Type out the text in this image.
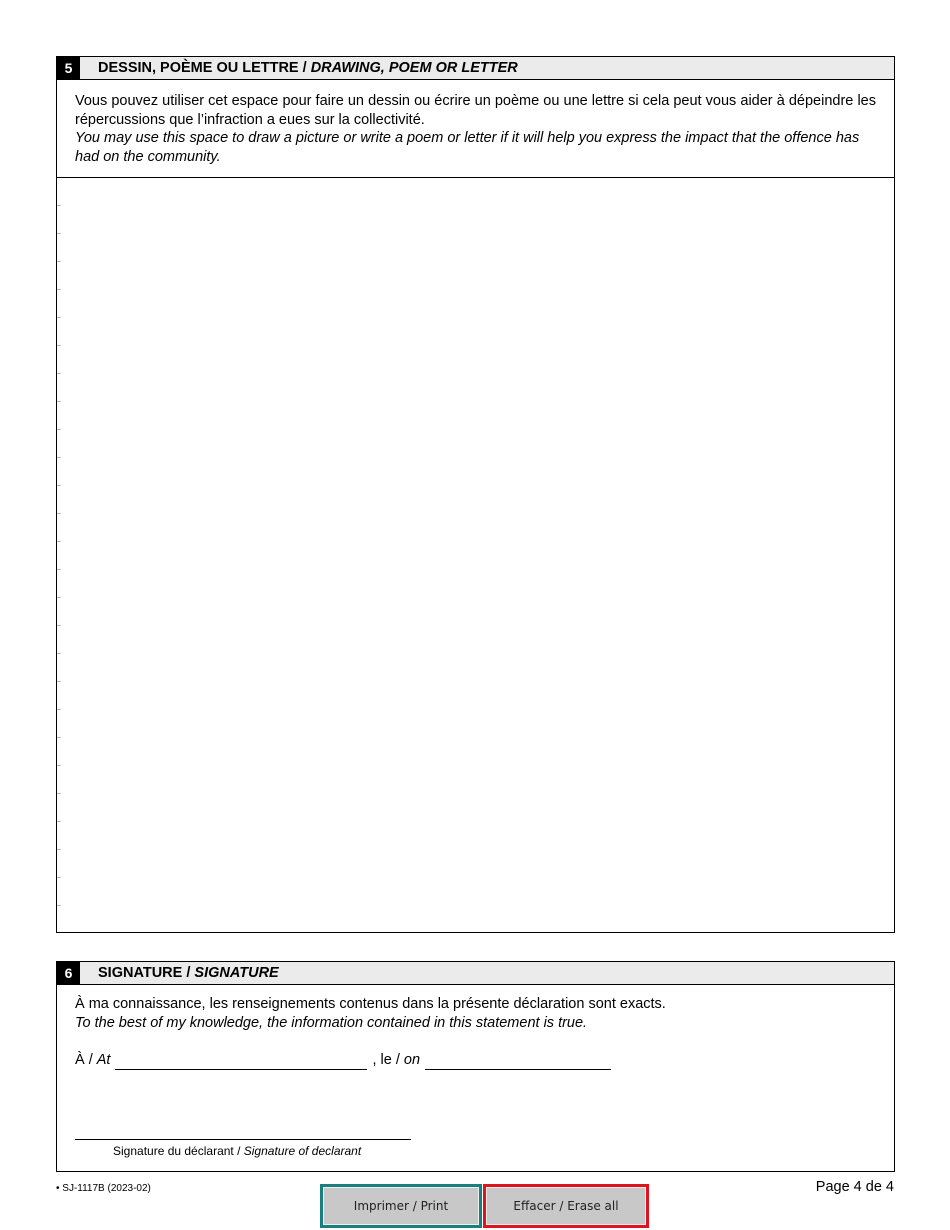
5	DESSIN, POÈME OU LETTRE / DRAWING, POEM OR LETTER
Vous pouvez utiliser cet espace pour faire un dessin ou écrire un poème ou une lettre si cela peut vous aider à dépeindre les répercussions que l’infraction a eues sur la collectivité.
You may use this space to draw a picture or write a poem or letter if it will help you express the impact that the offence has had on the community.
6	SIGNATURE / SIGNATURE
À ma connaissance, les renseignements contenus dans la présente déclaration sont exacts.
To the best of my knowledge, the information contained in this statement is true.
À /
At	, le /
on
Signature du déclarant / Signature of declarant
• SJ-1117B (2023-02)	Page 4 de 4
Imprimer / Print	Effacer / Erase all
